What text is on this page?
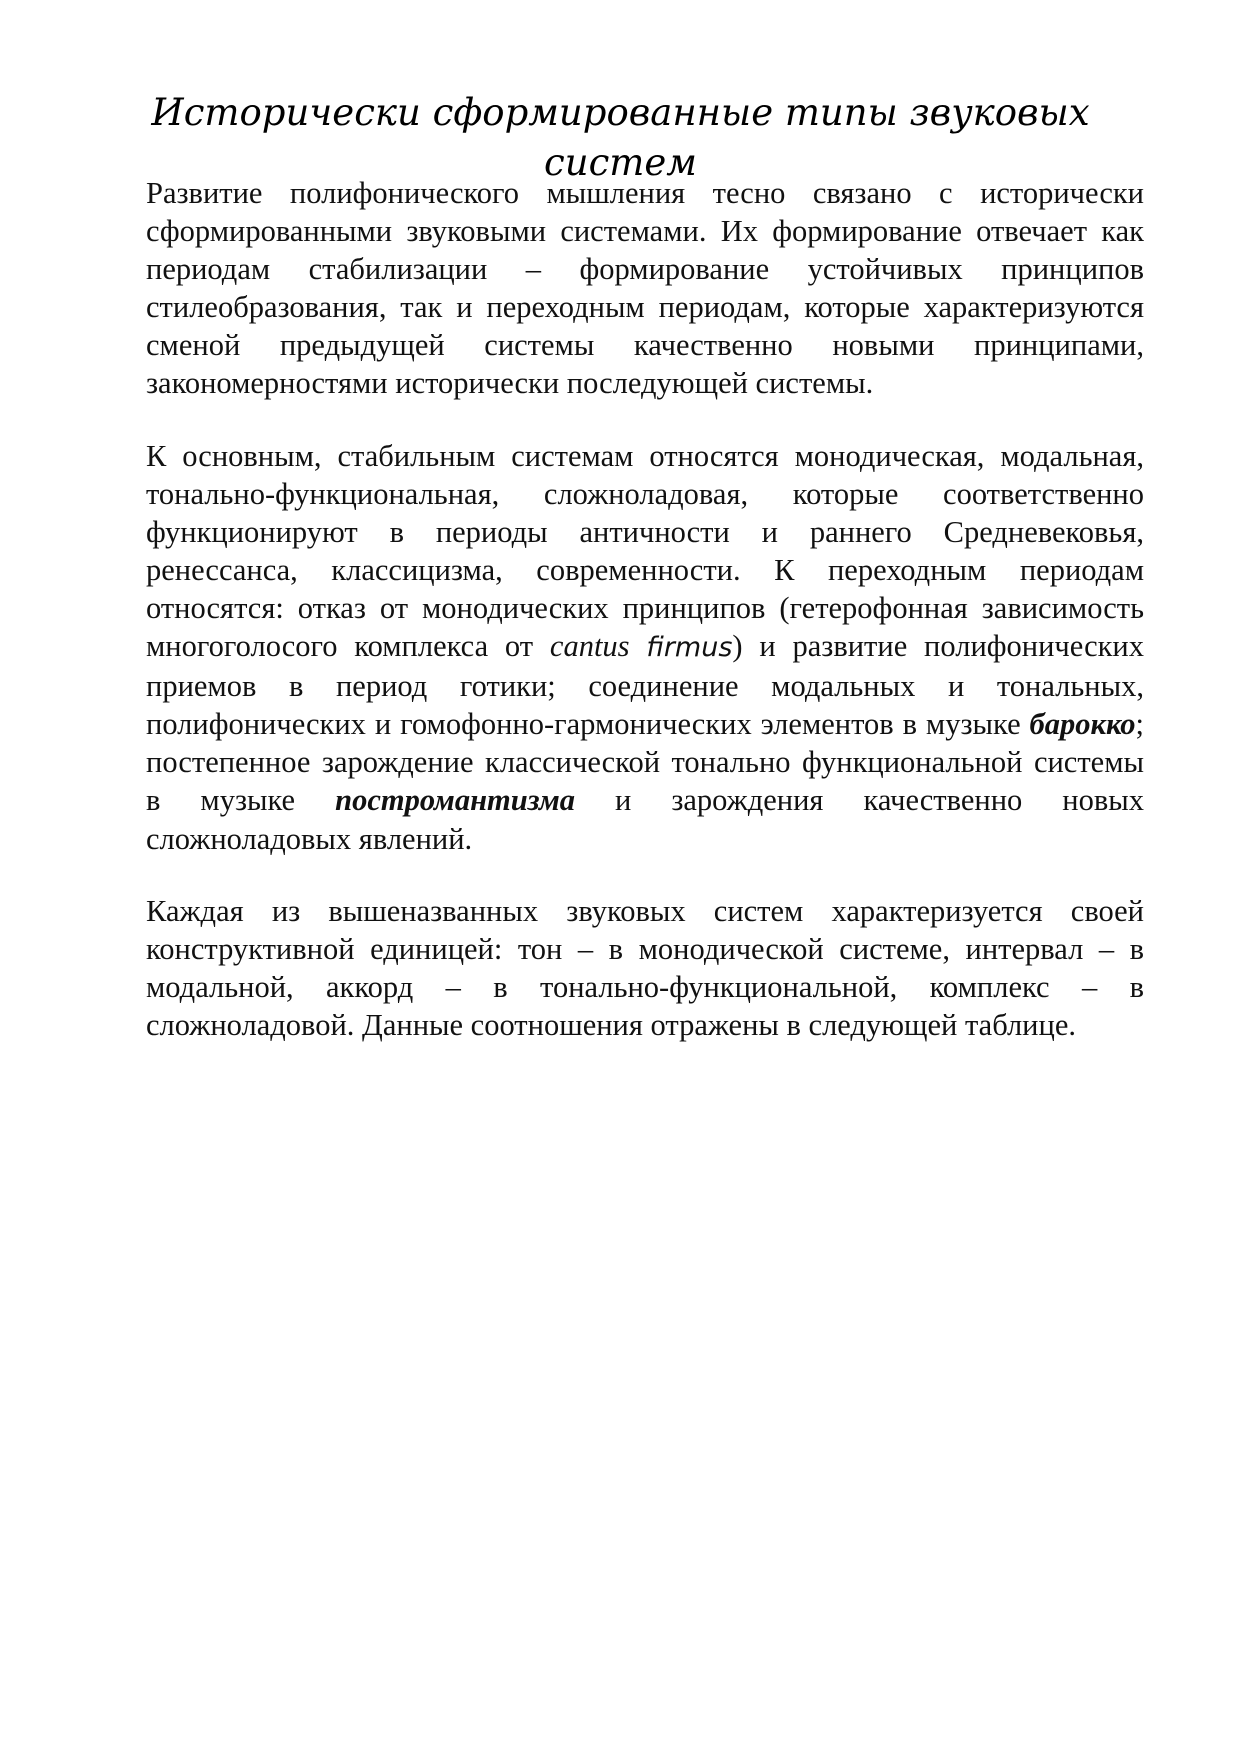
Исторически сформированные типы звуковых систем

Развитие полифонического мышления тесно связано с исторически сформированными звуковыми системами. Их формирование отвечает как периодам стабилизации – формирование устойчивых принципов стилеобразования, так и переходным периодам, которые характеризуются сменой предыдущей системы качественно новыми принципами, закономерностями исторически последующей системы.

К основным, стабильным системам относятся монодическая, модальная, тонально-функциональная, сложноладовая, которые соответственно функционируют в периоды античности и раннего Средневековья, ренессанса, классицизма, современности. К переходным периодам относятся: отказ от монодических принципов (гетерофонная зависимость многоголосого комплекса от cantus firmus) и развитие полифонических приемов в период готики; соединение модальных и тональных, полифонических и гомофонно-гармонических элементов в музыке барокко; постепенное зарождение классической тонально функциональной системы в музыке постромантизма и зарождения качественно новых сложноладовых явлений.

Каждая из вышеназванных звуковых систем характеризуется своей конструктивной единицей: тон – в монодической системе, интервал – в модальной, аккорд – в тонально-функциональной, комплекс – в сложноладовой. Данные соотношения отражены в следующей таблице.
